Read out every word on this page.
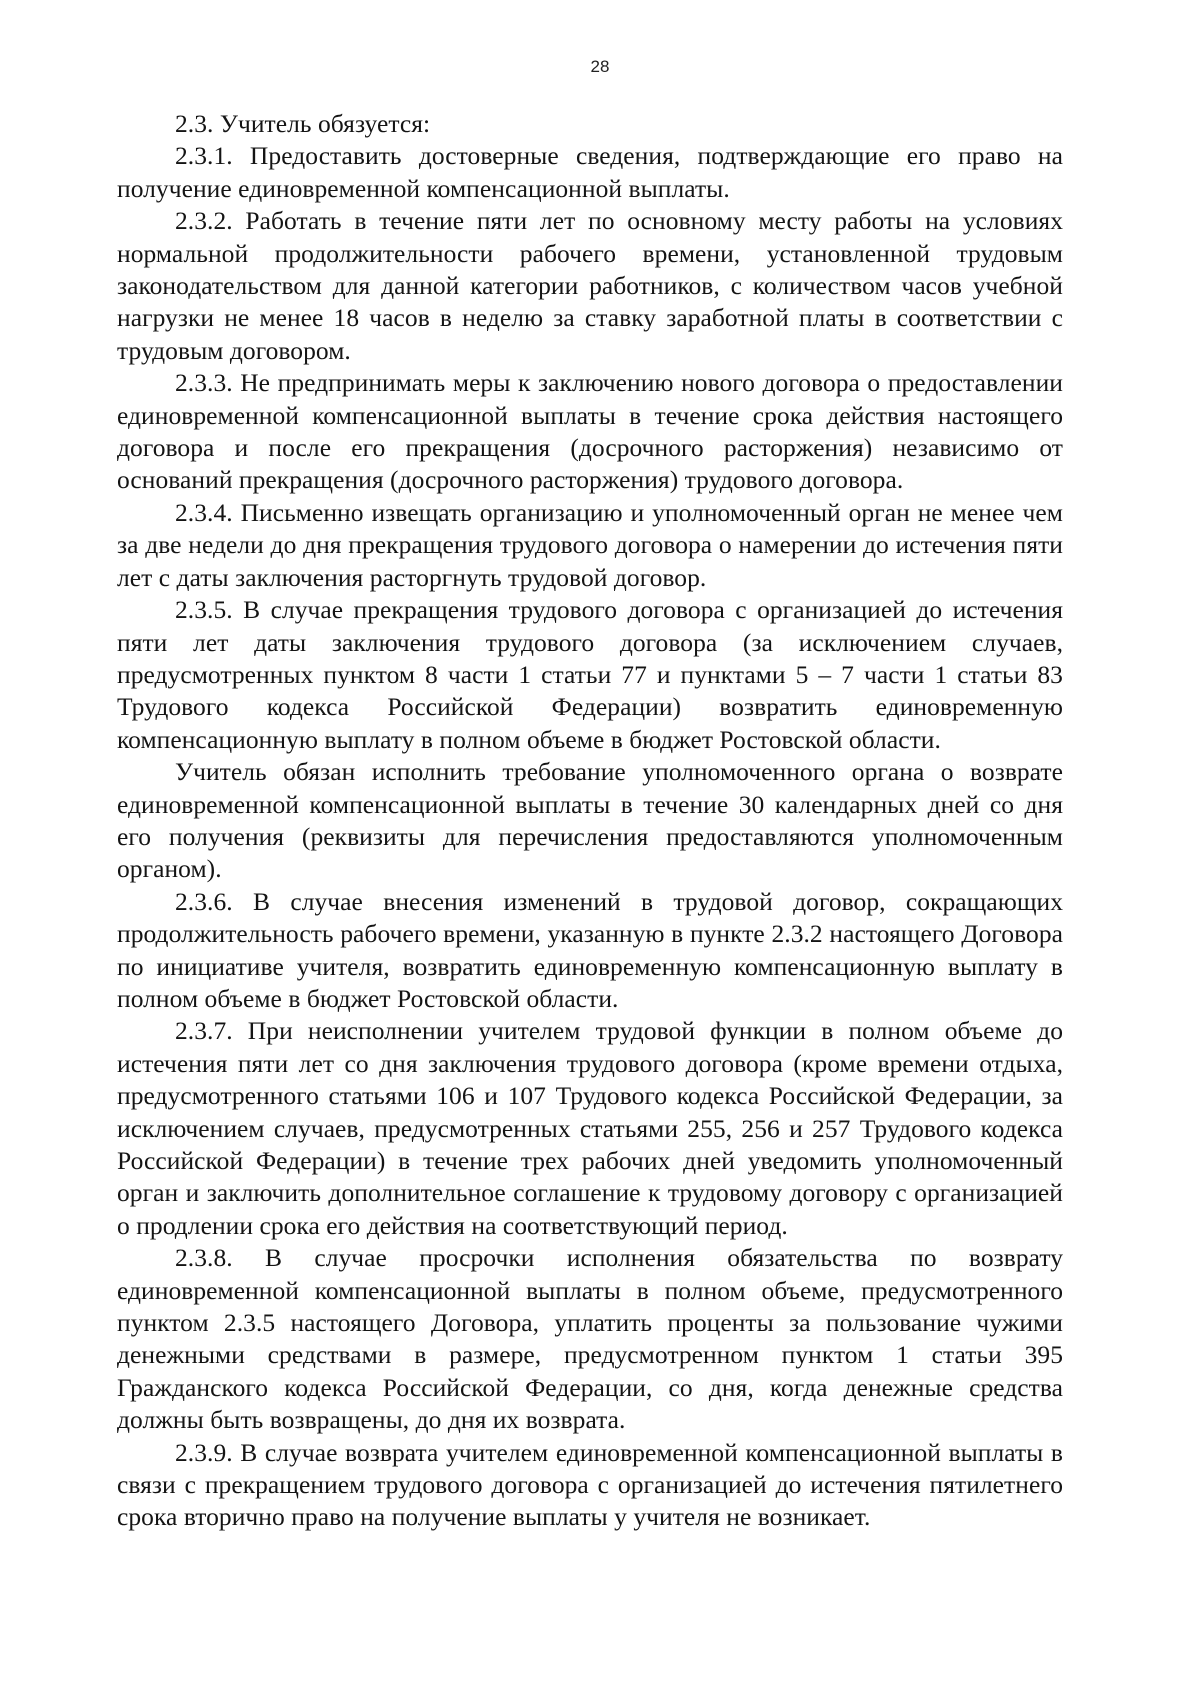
28

2.3. Учитель обязуется:

2.3.1. Предоставить достоверные сведения, подтверждающие его право на получение единовременной компенсационной выплаты.

2.3.2. Работать в течение пяти лет по основному месту работы на условиях нормальной продолжительности рабочего времени, установленной трудовым законодательством для данной категории работников, с количеством часов учебной нагрузки не менее 18 часов в неделю за ставку заработной платы в соответствии с трудовым договором.

2.3.3. Не предпринимать меры к заключению нового договора о предоставлении единовременной компенсационной выплаты в течение срока действия настоящего договора и после его прекращения (досрочного расторжения) независимо от оснований прекращения (досрочного расторжения) трудового договора.

2.3.4. Письменно извещать организацию и уполномоченный орган не менее чем за две недели до дня прекращения трудового договора о намерении до истечения пяти лет с даты заключения расторгнуть трудовой договор.

2.3.5. В случае прекращения трудового договора с организацией до истечения пяти лет даты заключения трудового договора (за исключением случаев, предусмотренных пунктом 8 части 1 статьи 77 и пунктами 5 – 7 части 1 статьи 83 Трудового кодекса Российской Федерации) возвратить единовременную компенсационную выплату в полном объеме в бюджет Ростовской области.

Учитель обязан исполнить требование уполномоченного органа о возврате единовременной компенсационной выплаты в течение 30 календарных дней со дня его получения (реквизиты для перечисления предоставляются уполномоченным органом).

2.3.6. В случае внесения изменений в трудовой договор, сокращающих продолжительность рабочего времени, указанную в пункте 2.3.2 настоящего Договора по инициативе учителя, возвратить единовременную компенсационную выплату в полном объеме в бюджет Ростовской области.

2.3.7. При неисполнении учителем трудовой функции в полном объеме до истечения пяти лет со дня заключения трудового договора (кроме времени отдыха, предусмотренного статьями 106 и 107 Трудового кодекса Российской Федерации, за исключением случаев, предусмотренных статьями 255, 256 и 257 Трудового кодекса Российской Федерации) в течение трех рабочих дней уведомить уполномоченный орган и заключить дополнительное соглашение к трудовому договору с организацией о продлении срока его действия на соответствующий период.

2.3.8. В случае просрочки исполнения обязательства по возврату единовременной компенсационной выплаты в полном объеме, предусмотренного пунктом 2.3.5 настоящего Договора, уплатить проценты за пользование чужими денежными средствами в размере, предусмотренном пунктом 1 статьи 395 Гражданского кодекса Российской Федерации, со дня, когда денежные средства должны быть возвращены, до дня их возврата.

2.3.9. В случае возврата учителем единовременной компенсационной выплаты в связи с прекращением трудового договора с организацией до истечения пятилетнего срока вторично право на получение выплаты у учителя не возникает.
